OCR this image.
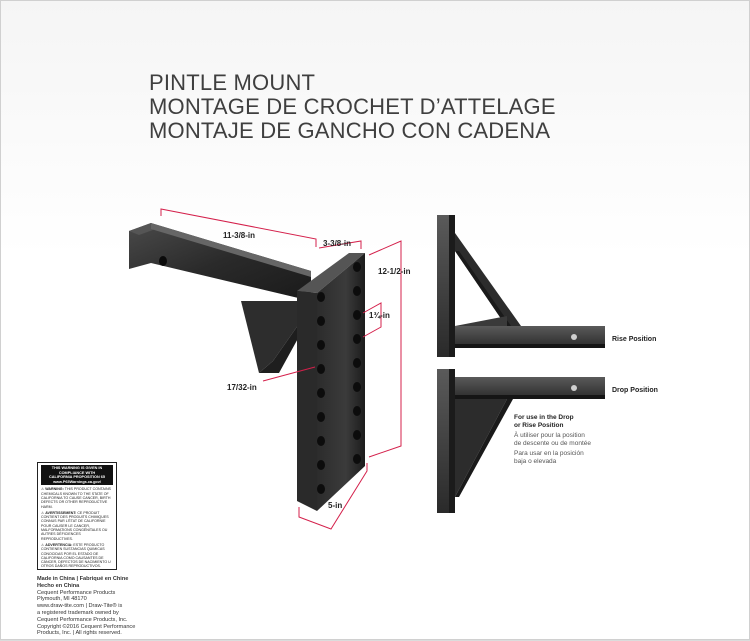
PINTLE MOUNT
MONTAGE DE CROCHET D’ATTELAGE
MONTAJE DE GANCHO CON CADENA
11-3/8-in
3-3/8-in
12-1/2-in
1¾-in
17/32-in
5-in
Rise Position
Drop Position
For use in the Drop
or Rise Position
À utiliser pour la position
de descente ou de montée
Para usar en la posición
baja o elevada
THIS WARNING IS GIVEN IN
COMPLIANCE WITH
CALIFORNIA PROPOSITION 65
www.P65Warnings.ca.gov/
⚠ WARNING: THIS PRODUCT CONTAINS CHEMICALS KNOWN TO THE STATE OF CALIFORNIA TO CAUSE CANCER, BIRTH DEFECTS OR OTHER REPRODUCTIVE HARM.
⚠ AVERTISSEMENT: CE PRODUIT CONTIENT DES PRODUITS CHIMIQUES CONNUS PAR L'ÉTAT DE CALIFORNIE POUR CAUSER LE CANCER, MALFORMATIONS CONGÉNITALES OU AUTRES DÉFICIENCES REPRODUCTIVES.
⚠ ADVERTENCIA: ESTE PRODUCTO CONTIENEN SUSTANCIAS QUIMICAS CONOCIDAS POR EL ESTADO DE CALIFORNIA COMO CAUSANTES DE CÁNCER, DEFECTOS DE NACIMIENTO U OTROS DAÑOS REPRODUCTIVOS.
Made in China | Fabriqué en Chine
Hecho en China
Cequent Performance Products
Plymouth, MI 48170
www.draw-tite.com | Draw-Tite® is
a registered trademark owned by
Cequent Performance Products, Inc.
Copyright ©2016 Cequent Performance
Products, Inc. | All rights reserved.
